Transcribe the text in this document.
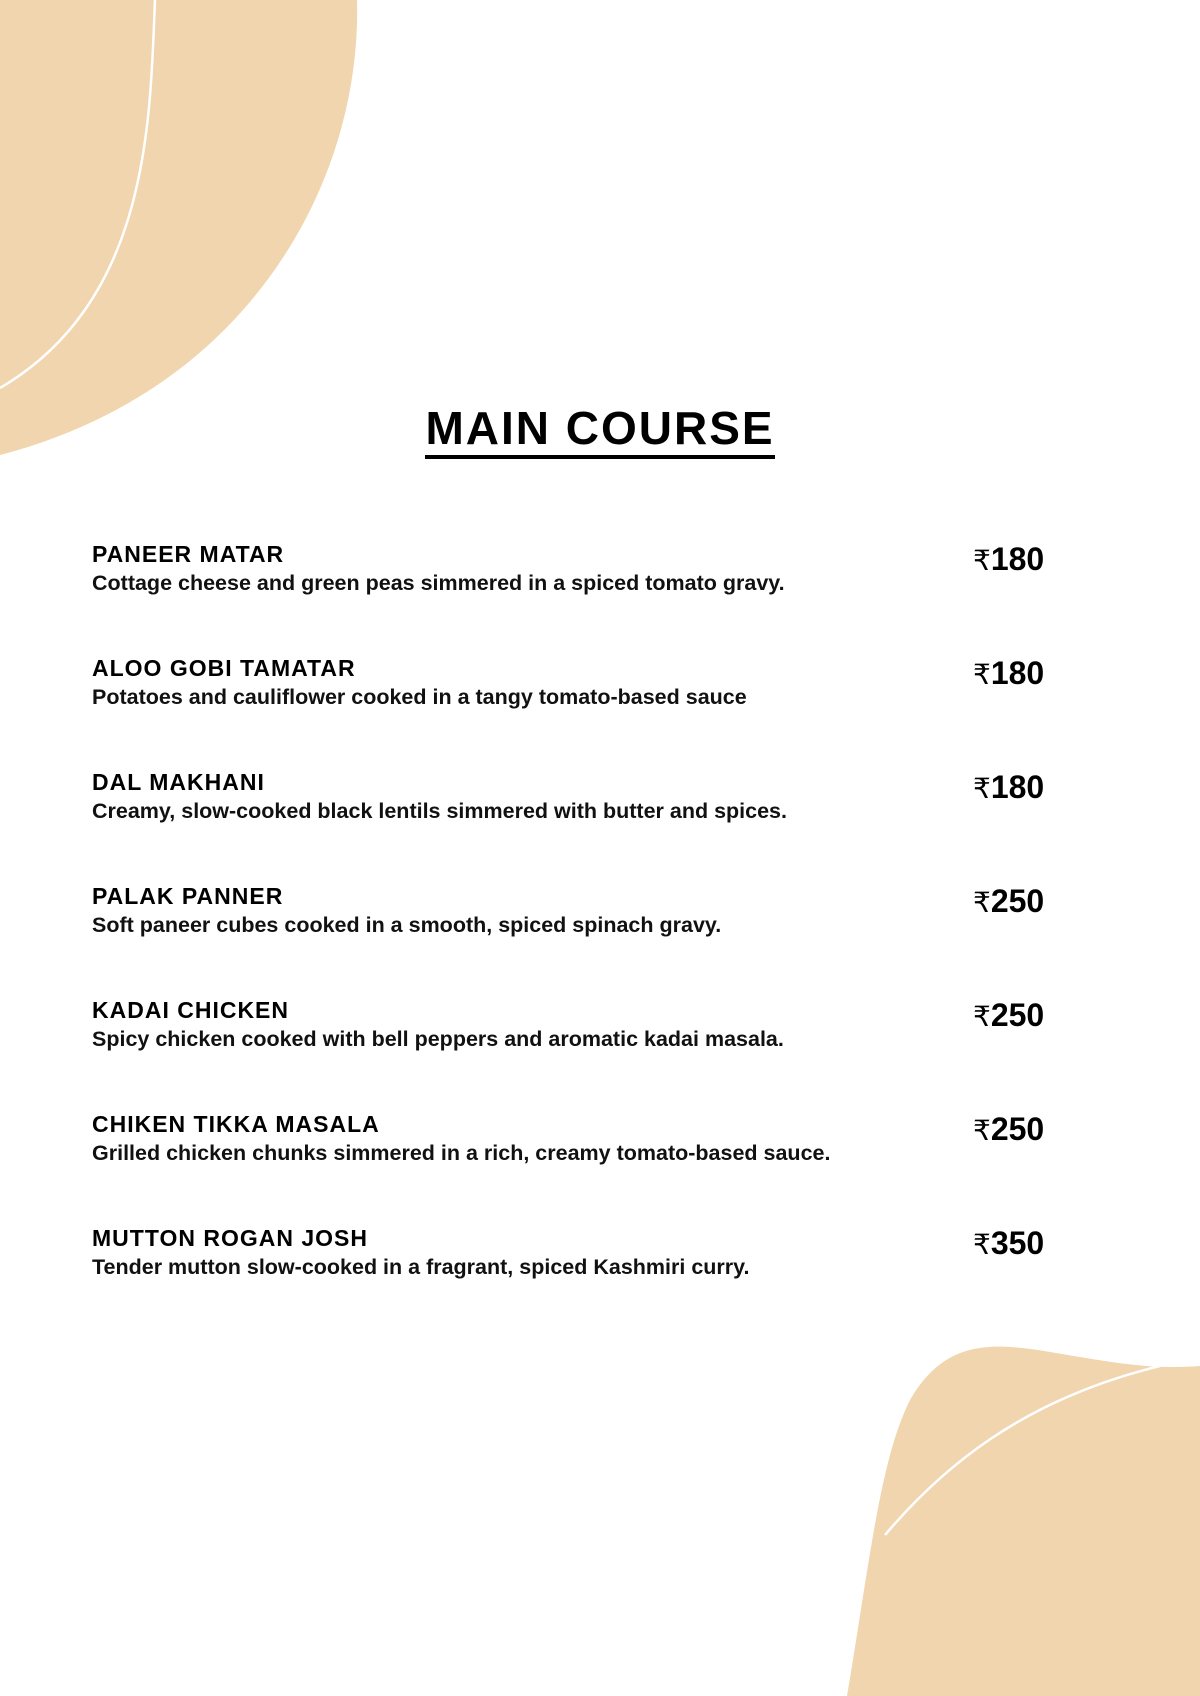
MAIN COURSE
PANEER MATAR
Cottage cheese and green peas simmered in a spiced tomato gravy.
₹180
ALOO GOBI TAMATAR
Potatoes and cauliflower cooked in a tangy tomato-based sauce
₹180
DAL MAKHANI
Creamy, slow-cooked black lentils simmered with butter and spices.
₹180
PALAK PANNER
Soft paneer cubes cooked in a smooth, spiced spinach gravy.
₹250
KADAI CHICKEN
Spicy chicken cooked with bell peppers and aromatic kadai masala.
₹250
CHIKEN TIKKA MASALA
Grilled chicken chunks simmered in a rich, creamy tomato-based sauce.
₹250
MUTTON ROGAN JOSH
Tender mutton slow-cooked in a fragrant, spiced Kashmiri curry.
₹350
